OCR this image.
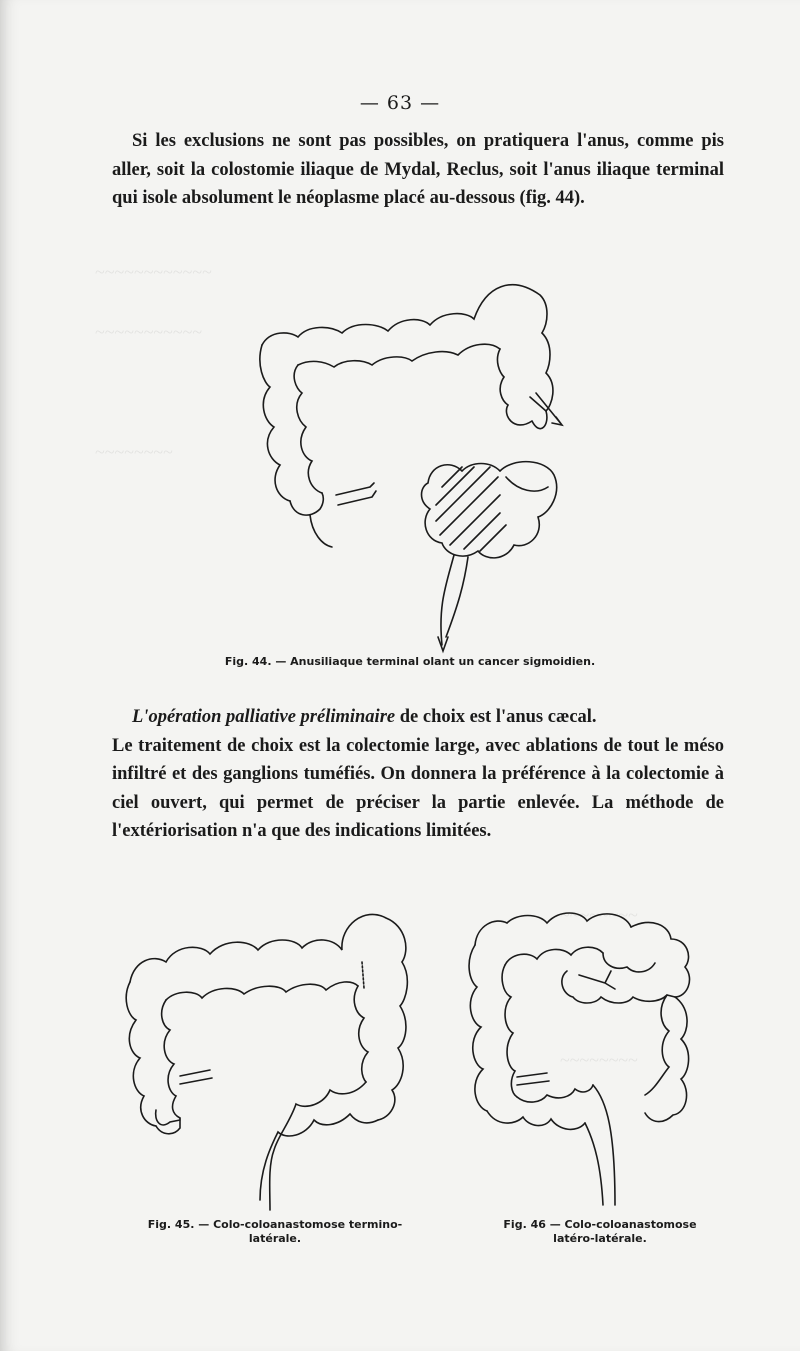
~~~~~~~~~~~~
~~~~~~~~~~~
~~~~~~~~
~~~~~~~~
~~~~~~~~
— 63 —

Si les exclusions ne sont pas possibles, on pratiquera l'anus, comme pis aller, soit la colostomie iliaque de Mydal, Reclus, soit l'anus iliaque terminal qui isole absolument le néoplasme placé au-dessous (fig. 44).

Fig. 44. — Anusiliaque terminal olant un cancer sigmoidien.

L'opération palliative préliminaire de choix est l'anus cæcal.

Le traitement de choix est la colectomie large, avec ablations de tout le méso infiltré et des ganglions tuméfiés. On donnera la préférence à la colectomie à ciel ouvert, qui permet de préciser la partie enlevée. La méthode de l'extériorisation n'a que des indications limitées.

Fig. 45. — Colo-coloanastomose termino-
latérale.
Fig. 46 — Colo-coloanastomose
latéro-latérale.
